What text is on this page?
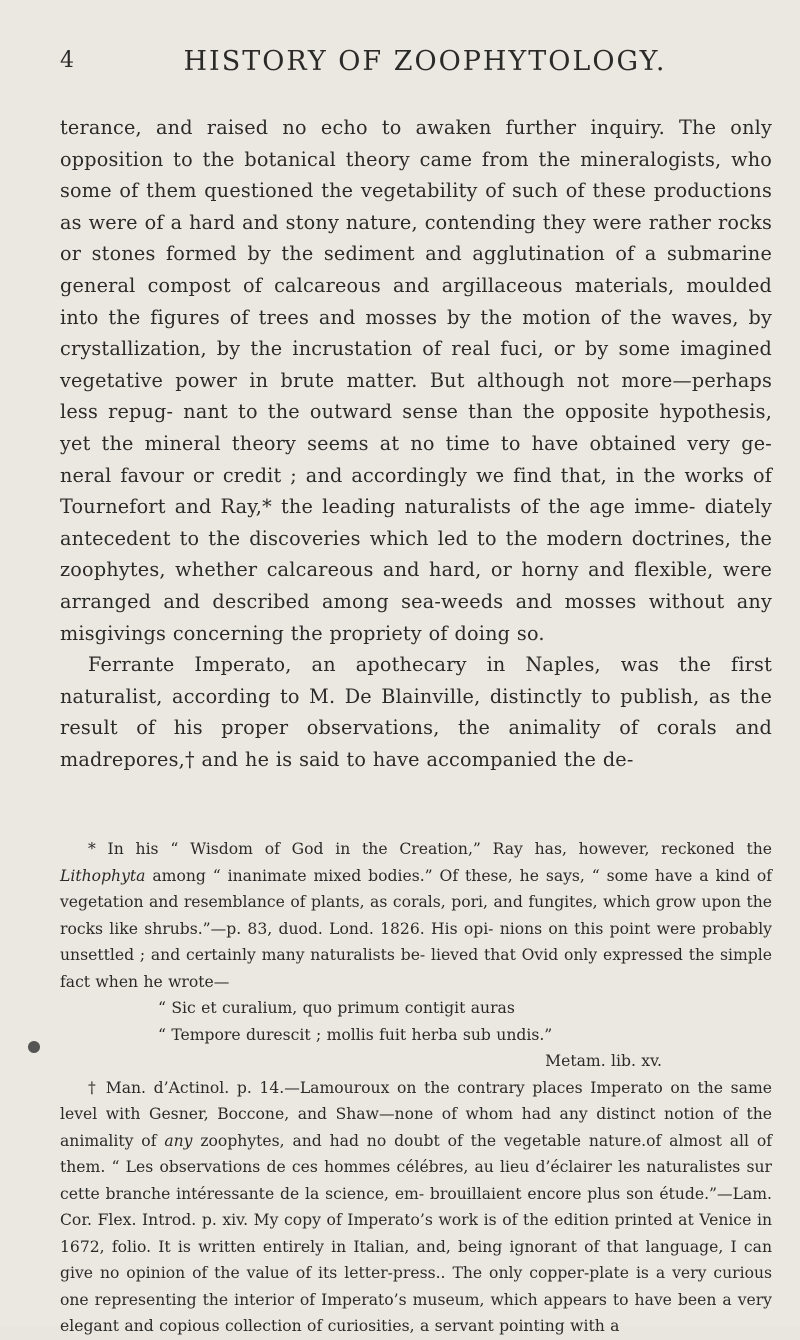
4	HISTORY OF ZOOPHYTOLOGY.

terance, and raised no echo to awaken further inquiry. The only opposition to the botanical theory came from the mineralogists, who some of them questioned the vegetability of such of these productions as were of a hard and stony nature, contending they were rather rocks or stones formed by the sediment and agglutination of a submarine general compost of calcareous and argillaceous materials, moulded into the figures of trees and mosses by the motion of the waves, by crystallization, by the incrustation of real fuci, or by some imagined vegetative power in brute matter. But although not more—perhaps less repug- nant to the outward sense than the opposite hypothesis, yet the mineral theory seems at no time to have obtained very ge- neral favour or credit ; and accordingly we find that, in the works of Tournefort and Ray,* the leading naturalists of the age imme- diately antecedent to the discoveries which led to the modern doctrines, the zoophytes, whether calcareous and hard, or horny and flexible, were arranged and described among sea-weeds and mosses without any misgivings concerning the propriety of doing so.

Ferrante Imperato, an apothecary in Naples, was the first naturalist, according to M. De Blainville, distinctly to publish, as the result of his proper observations, the animality of corals and madrepores,† and he is said to have accompanied the de-

* In his “ Wisdom of God in the Creation,” Ray has, however, reckoned the Lithophyta among “ inanimate mixed bodies.” Of these, he says, “ some have a kind of vegetation and resemblance of plants, as corals, pori, and fungites, which grow upon the rocks like shrubs.”—p. 83, duod. Lond. 1826. His opi- nions on this point were probably unsettled ; and certainly many naturalists be- lieved that Ovid only expressed the simple fact when he wrote—

“ Sic et curalium, quo primum contigit auras

“ Tempore durescit ; mollis fuit herba sub undis.”

Metam. lib. xv.

† Man. d’Actinol. p. 14.—Lamouroux on the contrary places Imperato on the same level with Gesner, Boccone, and Shaw—none of whom had any distinct notion of the animality of any zoophytes, and had no doubt of the vegetable nature.of almost all of them. “ Les observations de ces hommes célébres, au lieu d’éclairer les naturalistes sur cette branche intéressante de la science, em- brouillaient encore plus son étude.”—Lam. Cor. Flex. Introd. p. xiv. My copy of Imperato’s work is of the edition printed at Venice in 1672, folio. It is written entirely in Italian, and, being ignorant of that language, I can give no opinion of the value of its letter-press.. The only copper-plate is a very curious one representing the interior of Imperato’s museum, which appears to have been a very elegant and copious collection of curiosities, a servant pointing with a
